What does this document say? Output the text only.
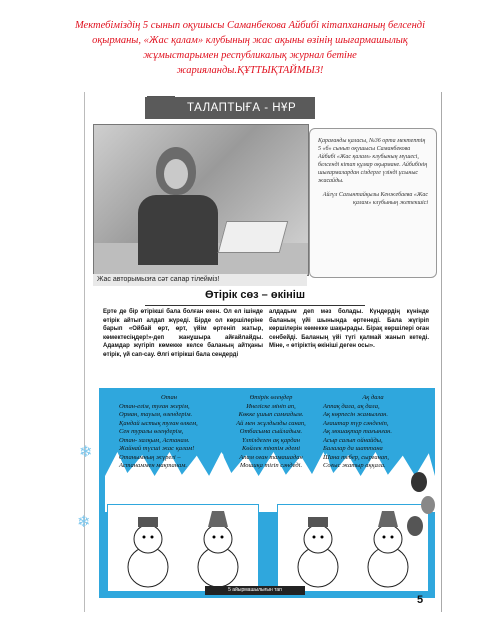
Мектебіміздің 5 сынып оқушысы Саманбекова Айбибі кітапхананың белсенді оқырманы, «Жас қалам» клубының жас ақыны өзінің шығармашылық жұмыстарымен республикалық журнал бетіне жарияланды.ҚҰТТЫҚТАЙМЫЗ!
ТАЛАПТЫҒА - НҰР
Жас авторымызға сәт сапар тілейміз!
Қарағанды қаласы, №36 орта мектептің 5 «б» сынып оқушысы Саманбекова Айбибі «Жас қалам» клубының мүшесі, белсенді кітап құмар оқырмане. Айбибінің шығармалардан сіздерге үзінді ұсыныс жасайды.
Айгүл Сагынтайқызы Кенжебаева «Жас қалам» клубының жетекшісі
Өтірік сөз – өкініш
Ерте де бір өтірікші бала болған екен. Ол ел ішінде өтірік айтып алдап жүреді. Бірде ол көршілеріне барып «Ойбай өрт, өрт, үйім өртеніп жатыр, көмектесіңдер!»-деп жанұшыра айғайлайды. Адамдар жүгіріп көмекке келсе баланың айтқаны өтірік, үй сап-сау. Әлгі өтірікші бала сендерді
алдадым деп мәз болады. Күндердің күнінде баланың үйі шынында өртенеді. Бала жүгіріп көршілерін көмекке шақырады. Бірақ көршілері оған сенбейді. Баланың үйі түгі қалмай жанып кетеді. Міне, « өтіріктің өкініші деген осы».
Отан
Отан-елім, туған жерім,
Орман, тауым, өзендерім.
Қандай ыстық туған өлкем,
Сен туралы өлеңдерім,
Отан- халқым, Астанам.
Жайнай түсші жас қалам!
Отанымның жүрегі –
Астанаммен мақтанам.
Өтірік өлеңдер
Инеліске мініп ап,
Көкке ұшып самғадым.
Ай мен жұлдызды санап,
Отбасыма сыйладым.
Үлпілдеген ақ қардан
Көйлек тіктім әдемі
Апам оған тамашадан
Мошиқа тігіп сәндеді.
Ақ дала
Аппақ дала, ақ дала,
Ақ көрпесін жамылған.
Ағаштар түр сәнденіп,
Ақ мошақтар тағынған.
Асыр салып ойнайды,
Балалар да шаттана
Шана тебер, сырғанап,
Соғыс жатыр аққала.
❄
❄
5 айырмашылығын тап
5
